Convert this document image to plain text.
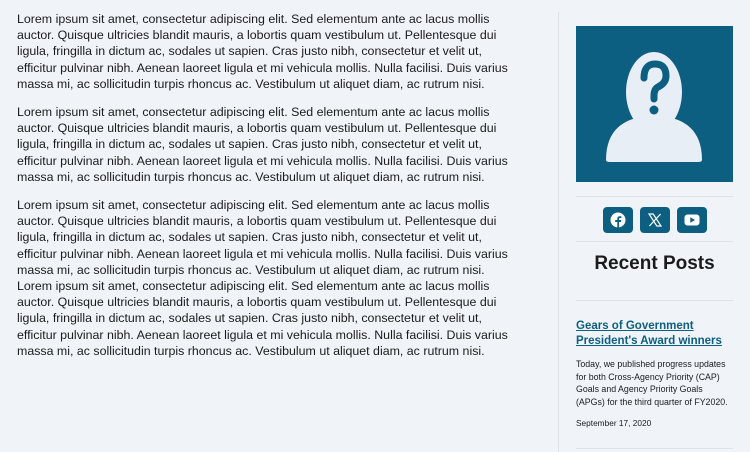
Lorem ipsum sit amet, consectetur adipiscing elit. Sed elementum ante ac lacus mollis auctor. Quisque ultricies blandit mauris, a lobortis quam vestibulum ut. Pellentesque dui ligula, fringilla in dictum ac, sodales ut sapien. Cras justo nibh, consectetur et velit ut, efficitur pulvinar nibh. Aenean laoreet ligula et mi vehicula mollis. Nulla facilisi. Duis varius massa mi, ac sollicitudin turpis rhoncus ac. Vestibulum ut aliquet diam, ac rutrum nisi.

Lorem ipsum sit amet, consectetur adipiscing elit. Sed elementum ante ac lacus mollis auctor. Quisque ultricies blandit mauris, a lobortis quam vestibulum ut. Pellentesque dui ligula, fringilla in dictum ac, sodales ut sapien. Cras justo nibh, consectetur et velit ut, efficitur pulvinar nibh. Aenean laoreet ligula et mi vehicula mollis. Nulla facilisi. Duis varius massa mi, ac sollicitudin turpis rhoncus ac. Vestibulum ut aliquet diam, ac rutrum nisi.

Lorem ipsum sit amet, consectetur adipiscing elit. Sed elementum ante ac lacus mollis auctor. Quisque ultricies blandit mauris, a lobortis quam vestibulum ut. Pellentesque dui ligula, fringilla in dictum ac, sodales ut sapien. Cras justo nibh, consectetur et velit ut, efficitur pulvinar nibh. Aenean laoreet ligula et mi vehicula mollis. Nulla facilisi. Duis varius massa mi, ac sollicitudin turpis rhoncus ac. Vestibulum ut aliquet diam, ac rutrum nisi.

Lorem ipsum sit amet, consectetur adipiscing elit. Sed elementum ante ac lacus mollis auctor. Quisque ultricies blandit mauris, a lobortis quam vestibulum ut. Pellentesque dui ligula, fringilla in dictum ac, sodales ut sapien. Cras justo nibh, consectetur et velit ut, efficitur pulvinar nibh. Aenean laoreet ligula et mi vehicula mollis. Nulla facilisi. Duis varius massa mi, ac sollicitudin turpis rhoncus ac. Vestibulum ut aliquet diam, ac rutrum nisi.

Recent Posts
Gears of Government President's Award winners
Today, we published progress updates for both Cross-Agency Priority (CAP) Goals and Agency Priority Goals (APGs) for the third quarter of FY2020.
September 17, 2020
